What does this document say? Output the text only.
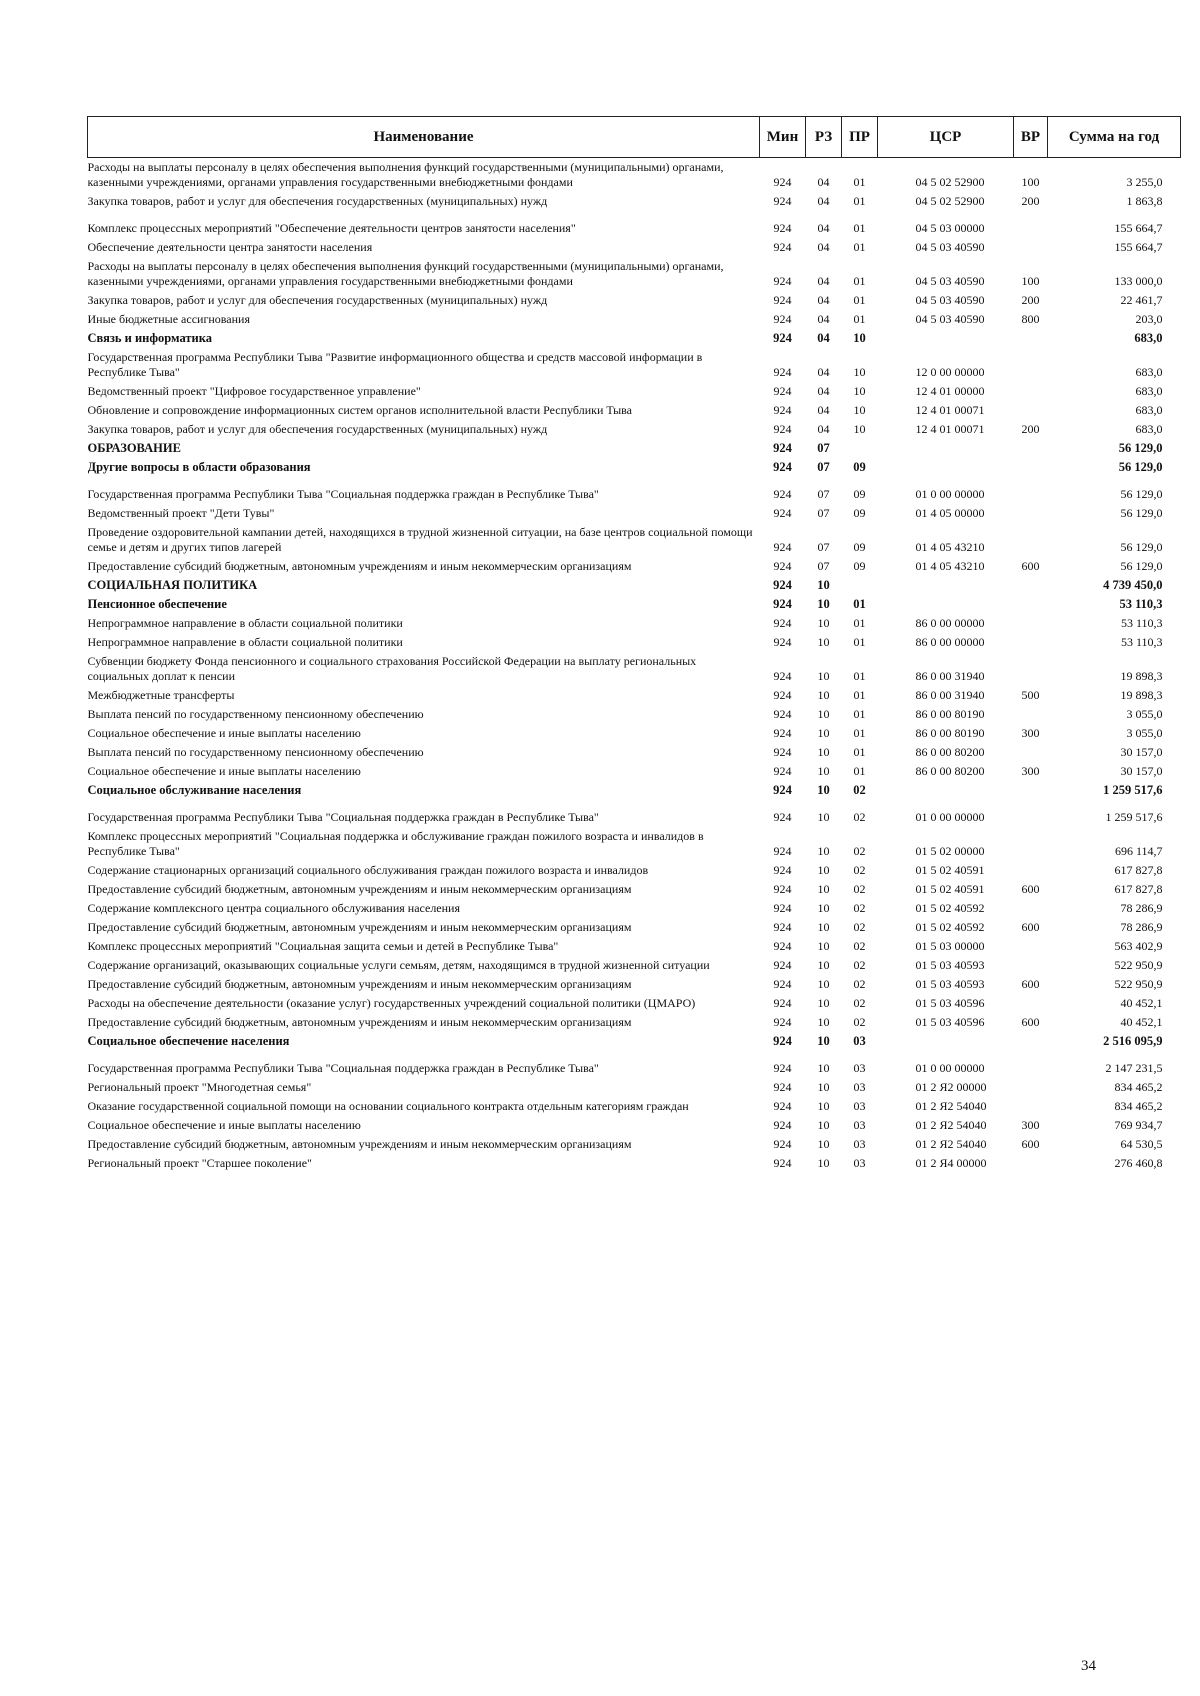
Наименование	Мин	РЗ	ПР	ЦСР	ВР	Сумма на год
Расходы на выплаты персоналу в целях обеспечения выполнения функций государственными (муниципальными) органами, казенными учреждениями, органами управления государственными внебюджетными фондами	924	04	01	04 5 02 52900	100	3 255,0
Закупка товаров, работ и услуг для обеспечения государственных (муниципальных) нужд	924	04	01	04 5 02 52900	200	1 863,8
Комплекс процессных мероприятий "Обеспечение деятельности центров занятости населения"	924	04	01	04 5 03 00000		155 664,7
Обеспечение деятельности центра занятости населения	924	04	01	04 5 03 40590		155 664,7
Расходы на выплаты персоналу в целях обеспечения выполнения функций государственными (муниципальными) органами, казенными учреждениями, органами управления государственными внебюджетными фондами	924	04	01	04 5 03 40590	100	133 000,0
Закупка товаров, работ и услуг для обеспечения государственных (муниципальных) нужд	924	04	01	04 5 03 40590	200	22 461,7
Иные бюджетные ассигнования	924	04	01	04 5 03 40590	800	203,0
Связь и информатика	924	04	10			683,0
Государственная программа Республики Тыва "Развитие информационного общества и средств массовой информации в Республике Тыва"	924	04	10	12 0 00 00000		683,0
Ведомственный проект "Цифровое государственное управление"	924	04	10	12 4 01 00000		683,0
Обновление и сопровождение информационных систем органов исполнительной власти Республики Тыва	924	04	10	12 4 01 00071		683,0
Закупка товаров, работ и услуг для обеспечения государственных (муниципальных) нужд	924	04	10	12 4 01 00071	200	683,0
ОБРАЗОВАНИЕ	924	07				56 129,0
Другие вопросы в области образования	924	07	09			56 129,0
Государственная программа Республики Тыва "Социальная поддержка граждан в Республике Тыва"	924	07	09	01 0 00 00000		56 129,0
Ведомственный проект "Дети Тувы"	924	07	09	01 4 05 00000		56 129,0
Проведение оздоровительной кампании детей, находящихся в трудной жизненной ситуации, на базе центров социальной помощи семье и детям и других типов лагерей	924	07	09	01 4 05 43210		56 129,0
Предоставление субсидий бюджетным, автономным учреждениям и иным некоммерческим организациям	924	07	09	01 4 05 43210	600	56 129,0
СОЦИАЛЬНАЯ ПОЛИТИКА	924	10				4 739 450,0
Пенсионное обеспечение	924	10	01			53 110,3
Непрограммное направление в области социальной политики	924	10	01	86 0 00 00000		53 110,3
Непрограммное направление в области социальной политики	924	10	01	86 0 00 00000		53 110,3
Субвенции бюджету Фонда пенсионного и социального страхования Российской Федерации на выплату региональных социальных доплат к пенсии	924	10	01	86 0 00 31940		19 898,3
Межбюджетные трансферты	924	10	01	86 0 00 31940	500	19 898,3
Выплата пенсий по государственному пенсионному обеспечению	924	10	01	86 0 00 80190		3 055,0
Социальное обеспечение и иные выплаты населению	924	10	01	86 0 00 80190	300	3 055,0
Выплата пенсий по государственному пенсионному обеспечению	924	10	01	86 0 00 80200		30 157,0
Социальное обеспечение и иные выплаты населению	924	10	01	86 0 00 80200	300	30 157,0
Социальное обслуживание населения	924	10	02			1 259 517,6
Государственная программа Республики Тыва "Социальная поддержка граждан в Республике Тыва"	924	10	02	01 0 00 00000		1 259 517,6
Комплекс процессных мероприятий "Социальная поддержка и обслуживание граждан пожилого возраста и инвалидов в Республике Тыва"	924	10	02	01 5 02 00000		696 114,7
Содержание стационарных организаций социального обслуживания граждан пожилого возраста и инвалидов	924	10	02	01 5 02 40591		617 827,8
Предоставление субсидий бюджетным, автономным учреждениям и иным некоммерческим организациям	924	10	02	01 5 02 40591	600	617 827,8
Содержание комплексного центра социального обслуживания населения	924	10	02	01 5 02 40592		78 286,9
Предоставление субсидий бюджетным, автономным учреждениям и иным некоммерческим организациям	924	10	02	01 5 02 40592	600	78 286,9
Комплекс процессных мероприятий "Социальная защита семьи и детей в Республике Тыва"	924	10	02	01 5 03 00000		563 402,9
Содержание организаций, оказывающих социальные услуги семьям, детям, находящимся в трудной жизненной ситуации	924	10	02	01 5 03 40593		522 950,9
Предоставление субсидий бюджетным, автономным учреждениям и иным некоммерческим организациям	924	10	02	01 5 03 40593	600	522 950,9
Расходы на обеспечение деятельности (оказание услуг) государственных учреждений социальной политики (ЦМАРО)	924	10	02	01 5 03 40596		40 452,1
Предоставление субсидий бюджетным, автономным учреждениям и иным некоммерческим организациям	924	10	02	01 5 03 40596	600	40 452,1
Социальное обеспечение населения	924	10	03			2 516 095,9
Государственная программа Республики Тыва "Социальная поддержка граждан в Республике Тыва"	924	10	03	01 0 00 00000		2 147 231,5
Региональный проект "Многодетная семья"	924	10	03	01 2 Я2 00000		834 465,2
Оказание государственной социальной помощи на основании социального контракта отдельным категориям граждан	924	10	03	01 2 Я2 54040		834 465,2
Социальное обеспечение и иные выплаты населению	924	10	03	01 2 Я2 54040	300	769 934,7
Предоставление субсидий бюджетным, автономным учреждениям и иным некоммерческим организациям	924	10	03	01 2 Я2 54040	600	64 530,5
Региональный проект "Старшее поколение"	924	10	03	01 2 Я4 00000		276 460,8
34
